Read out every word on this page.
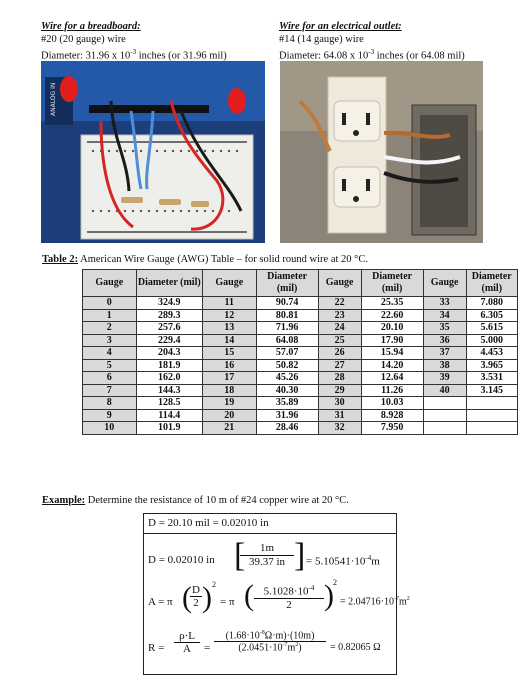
Wire for a breadboard:
#20 (20 gauge) wire
Diameter: 31.96 x $10^{-3}$ inches (or 31.96 mil)
Wire for an electrical outlet:
#14 (14 gauge) wire
Diameter: 64.08 x $10^{-3}$ inches (or 64.08 mil)
ANALOG IN
Table 2: American Wire Gauge (AWG) Table – for solid round wire at 20 °C.
Gauge	Diameter (mil)	Gauge	Diameter (mil)	Gauge	Diameter (mil)	Gauge	Diameter (mil)
0	324.9	11	90.74	22	25.35	33	7.080
1	289.3	12	80.81	23	22.60	34	6.305
2	257.6	13	71.96	24	20.10	35	5.615
3	229.4	14	64.08	25	17.90	36	5.000
4	204.3	15	57.07	26	15.94	37	4.453
5	181.9	16	50.82	27	14.20	38	3.965
6	162.0	17	45.26	28	12.64	39	3.531
7	144.3	18	40.30	29	11.26	40	3.145
8	128.5	19	35.89	30	10.03		
9	114.4	20	31.96	31	8.928		
10	101.9	21	28.46	32	7.950		
Example: Determine the resistance of 10 m of #24 copper wire at 20 °C.
D = 20.10 mil = 0.02010 in
D = 0.02010 in
1m
39.37 in
[ ] = $5.10541\cdot 10^{-4}m$
A = π ( D
2 ) 2
= π ( $5.1028\cdot 10^{-4}$
2	) 2
= $2.04716\cdot 10^{-7}m^2$
R =
ρ·L
A	=
$(1.68\cdot 10^{-8}\Omega\cdot m)\cdot(10m)$
$(2.0451\cdot 10^{-7}m^2)$	= 0.82065 Ω
